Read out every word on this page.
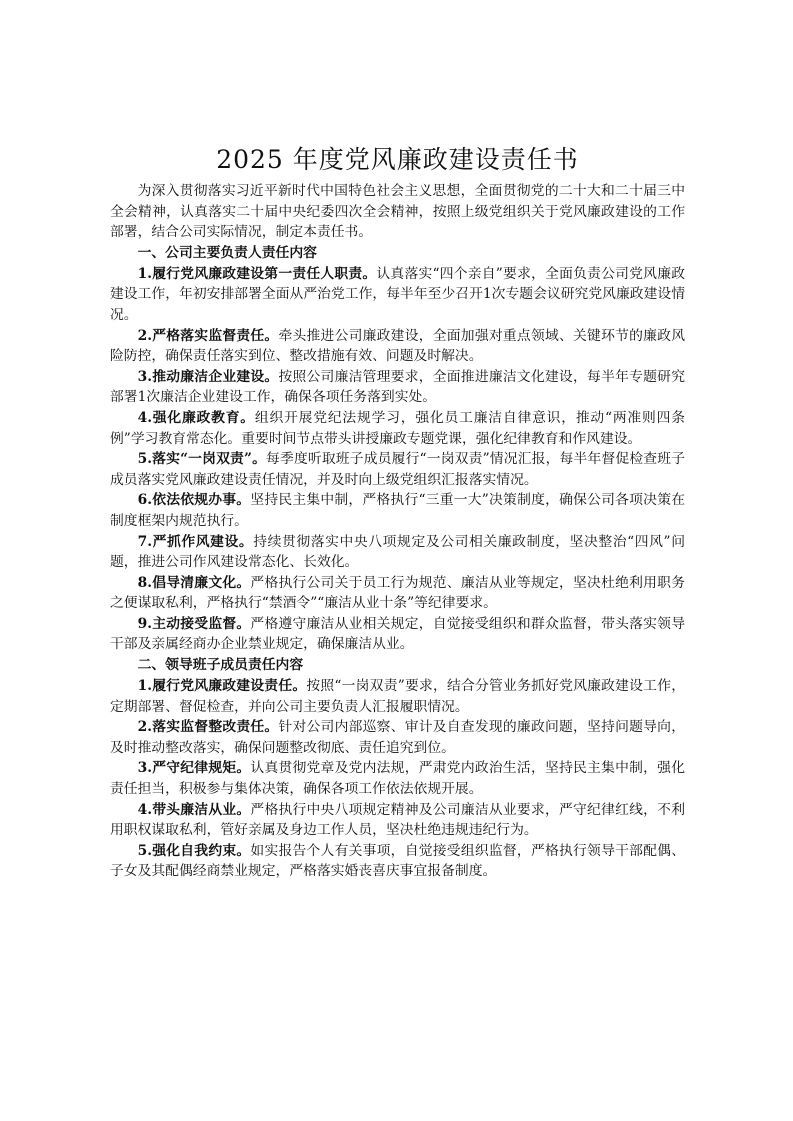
2025 年度党风廉政建设责任书

为深入贯彻落实习近平新时代中国特色社会主义思想，全面贯彻党的二十大和二十届三中全会精神，认真落实二十届中央纪委四次全会精神，按照上级党组织关于党风廉政建设的工作部署，结合公司实际情况，制定本责任书。

一、公司主要负责人责任内容

1.履行党风廉政建设第一责任人职责。认真落实“四个亲自”要求，全面负责公司党风廉政建设工作，年初安排部署全面从严治党工作，每半年至少召开1次专题会议研究党风廉政建设情况。

2.严格落实监督责任。牵头推进公司廉政建设，全面加强对重点领域、关键环节的廉政风险防控，确保责任落实到位、整改措施有效、问题及时解决。

3.推动廉洁企业建设。按照公司廉洁管理要求，全面推进廉洁文化建设，每半年专题研究部署1次廉洁企业建设工作，确保各项任务落到实处。

4.强化廉政教育。组织开展党纪法规学习，强化员工廉洁自律意识，推动“两准则四条例”学习教育常态化。重要时间节点带头讲授廉政专题党课，强化纪律教育和作风建设。

5.落实“一岗双责”。每季度听取班子成员履行“一岗双责”情况汇报，每半年督促检查班子成员落实党风廉政建设责任情况，并及时向上级党组织汇报落实情况。

6.依法依规办事。坚持民主集中制，严格执行“三重一大”决策制度，确保公司各项决策在制度框架内规范执行。

7.严抓作风建设。持续贯彻落实中央八项规定及公司相关廉政制度，坚决整治“四风”问题，推进公司作风建设常态化、长效化。

8.倡导清廉文化。严格执行公司关于员工行为规范、廉洁从业等规定，坚决杜绝利用职务之便谋取私利，严格执行“禁酒令”“廉洁从业十条”等纪律要求。

9.主动接受监督。严格遵守廉洁从业相关规定，自觉接受组织和群众监督，带头落实领导干部及亲属经商办企业禁业规定，确保廉洁从业。

二、领导班子成员责任内容

1.履行党风廉政建设责任。按照“一岗双责”要求，结合分管业务抓好党风廉政建设工作，定期部署、督促检查，并向公司主要负责人汇报履职情况。

2.落实监督整改责任。针对公司内部巡察、审计及自查发现的廉政问题，坚持问题导向，及时推动整改落实，确保问题整改彻底、责任追究到位。

3.严守纪律规矩。认真贯彻党章及党内法规，严肃党内政治生活，坚持民主集中制，强化责任担当，积极参与集体决策，确保各项工作依法依规开展。

4.带头廉洁从业。严格执行中央八项规定精神及公司廉洁从业要求，严守纪律红线，不利用职权谋取私利，管好亲属及身边工作人员，坚决杜绝违规违纪行为。

5.强化自我约束。如实报告个人有关事项，自觉接受组织监督，严格执行领导干部配偶、子女及其配偶经商禁业规定，严格落实婚丧喜庆事宜报备制度。
